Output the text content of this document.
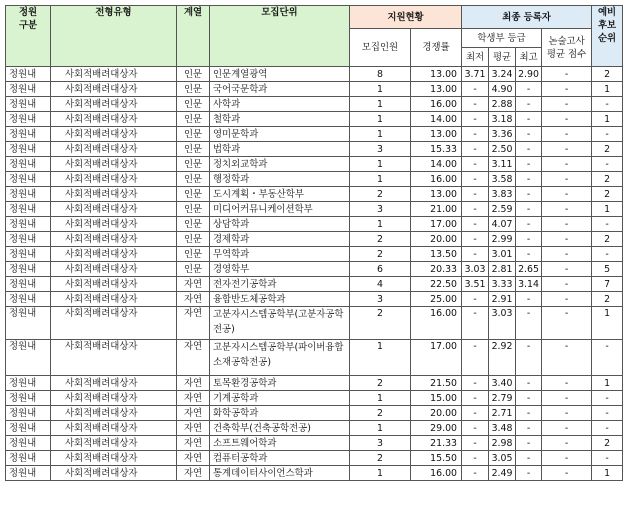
정원
구분	전형유형	계열	모집단위	지원현황		최종 등록자				예비
후보
순위
				모집인원	경쟁률	학생부 등급			논술고사
평균 점수	
						최저	평균	최고		
정원내	사회적배려대상자	인문	인문계열광역	8	13.00	3.71	3.24	2.90	-	2
정원내	사회적배려대상자	인문	국어국문학과	1	13.00	-	4.90	-	-	1
정원내	사회적배려대상자	인문	사학과	1	16.00	-	2.88	-	-	-
정원내	사회적배려대상자	인문	철학과	1	14.00	-	3.18	-	-	1
정원내	사회적배려대상자	인문	영미문학과	1	13.00	-	3.36	-	-	-
정원내	사회적배려대상자	인문	법학과	3	15.33	-	2.50	-	-	2
정원내	사회적배려대상자	인문	정치외교학과	1	14.00	-	3.11	-	-	-
정원내	사회적배려대상자	인문	행정학과	1	16.00	-	3.58	-	-	2
정원내	사회적배려대상자	인문	도시계획・부동산학부	2	13.00	-	3.83	-	-	2
정원내	사회적배려대상자	인문	미디어커뮤니케이션학부	3	21.00	-	2.59	-	-	1
정원내	사회적배려대상자	인문	상담학과	1	17.00	-	4.07	-	-	-
정원내	사회적배려대상자	인문	경제학과	2	20.00	-	2.99	-	-	2
정원내	사회적배려대상자	인문	무역학과	2	13.50	-	3.01	-	-	-
정원내	사회적배려대상자	인문	경영학부	6	20.33	3.03	2.81	2.65	-	5
정원내	사회적배려대상자	자연	전자전기공학과	4	22.50	3.51	3.33	3.14	-	7
정원내	사회적배려대상자	자연	융합반도체공학과	3	25.00	-	2.91	-	-	2
정원내	사회적배려대상자	자연	고분자시스템공학부(고분자공학전공)	2	16.00	-	3.03	-	-	1
정원내	사회적배려대상자	자연	고분자시스템공학부(파이버융합소재공학전공)	1	17.00	-	2.92	-	-	-
정원내	사회적배려대상자	자연	토목환경공학과	2	21.50	-	3.40	-	-	1
정원내	사회적배려대상자	자연	기계공학과	1	15.00	-	2.79	-	-	-
정원내	사회적배려대상자	자연	화학공학과	2	20.00	-	2.71	-	-	-
정원내	사회적배려대상자	자연	건축학부(건축공학전공)	1	29.00	-	3.48	-	-	-
정원내	사회적배려대상자	자연	소프트웨어학과	3	21.33	-	2.98	-	-	2
정원내	사회적배려대상자	자연	컴퓨터공학과	2	15.50	-	3.05	-	-	-
정원내	사회적배려대상자	자연	통계데이터사이언스학과	1	16.00	-	2.49	-	-	1
